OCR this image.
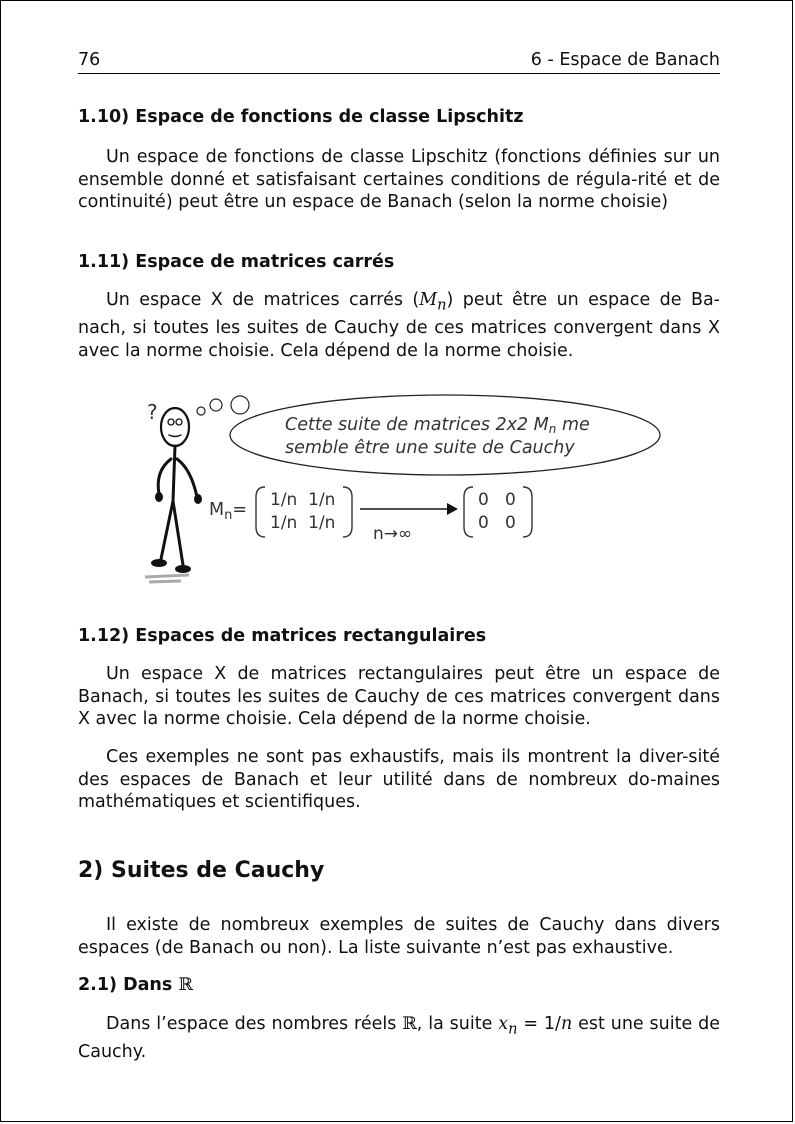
76	6 - Espace de Banach
1.10) Espace de fonctions de classe Lipschitz

Un espace de fonctions de classe Lipschitz (fonctions définies sur un ensemble donné et satisfaisant certaines conditions de régula-rité et de continuité) peut être un espace de Banach (selon la norme choisie)

1.11) Espace de matrices carrés

Un espace X de matrices carrés $(M_n)$ peut être un espace de Ba-nach, si toutes les suites de Cauchy de ces matrices convergent dans X avec la norme choisie. Cela dépend de la norme choisie.

?
Cette suite de matrices 2x2 Mn me
semble être une suite de Cauchy
$M_n= 1/n$  1/n
1/n  1/n
n→∞
0   0
0   0
1.12) Espaces de matrices rectangulaires

Un espace X de matrices rectangulaires peut être un espace de Banach, si toutes les suites de Cauchy de ces matrices convergent dans X avec la norme choisie. Cela dépend de la norme choisie.

Ces exemples ne sont pas exhaustifs, mais ils montrent la diver-sité des espaces de Banach et leur utilité dans de nombreux do-maines mathématiques et scientifiques.

2) Suites de Cauchy

Il existe de nombreux exemples de suites de Cauchy dans divers espaces (de Banach ou non). La liste suivante n’est pas exhaustive.

2.1) Dans ℝ

Dans l’espace des nombres réels ℝ, la suite $x_n = 1/n$ est une suite de Cauchy.
